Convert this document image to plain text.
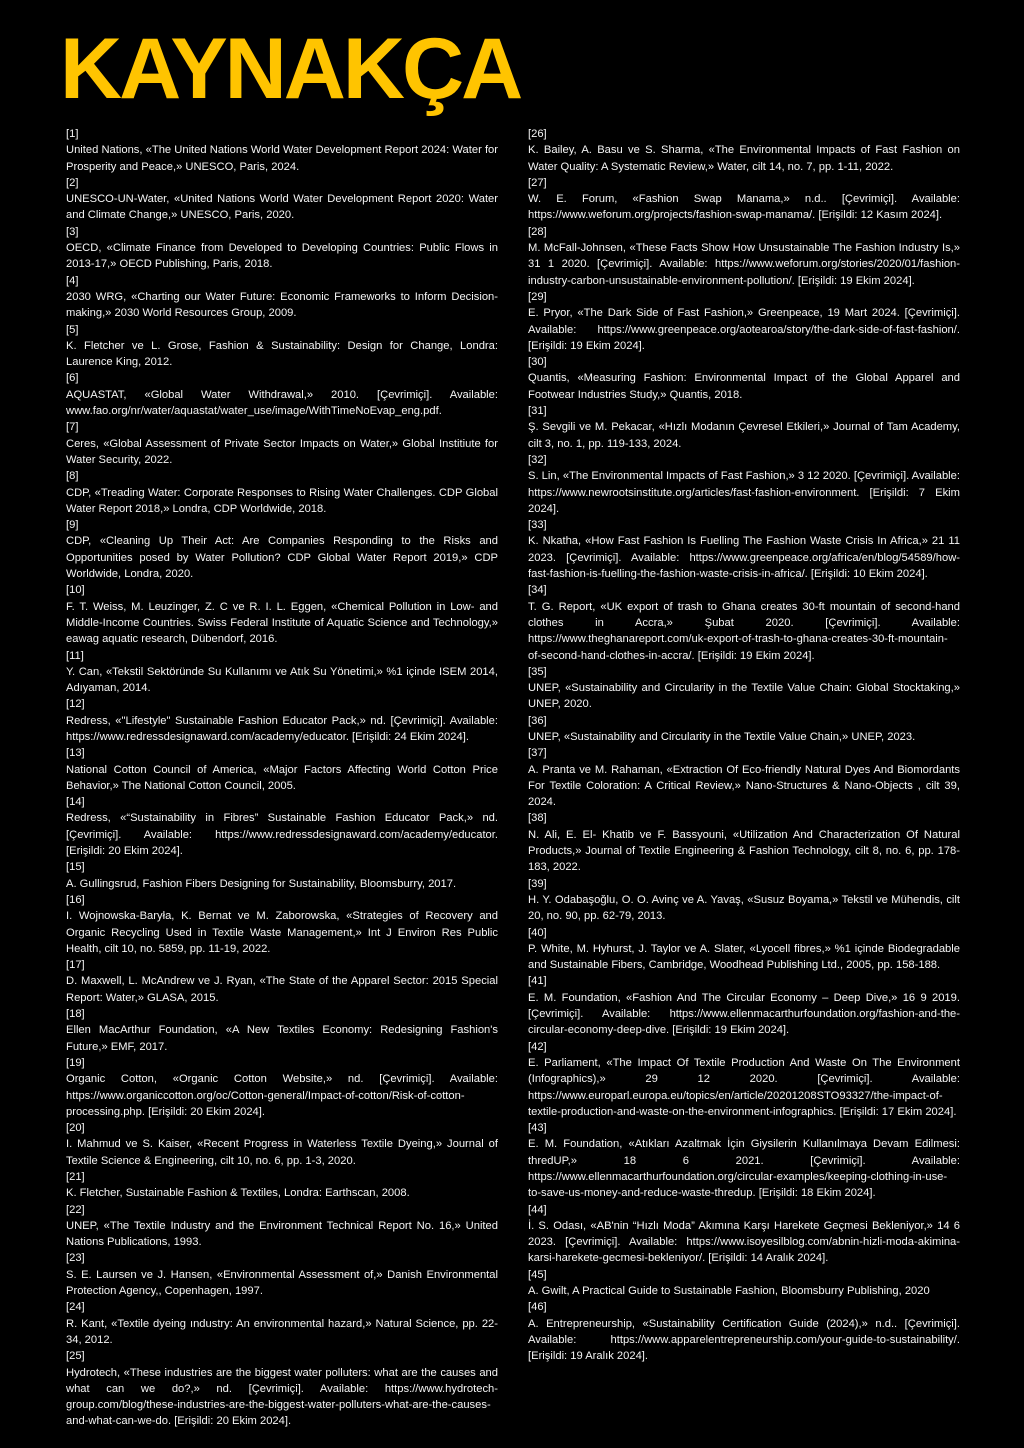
KAYNAKÇA
[1]
United Nations, «The United Nations World Water Development Report 2024: Water for Prosperity and Peace,» UNESCO, Paris, 2024.
[2]
UNESCO-UN-Water, «United Nations World Water Development Report 2020: Water and Climate Change,» UNESCO, Paris, 2020.
[3]
OECD, «Climate Finance from Developed to Developing Countries: Public Flows in 2013-17,» OECD Publishing, Paris, 2018.
[4]
2030 WRG, «Charting our Water Future: Economic Frameworks to Inform Decision-making,» 2030 World Resources Group, 2009.
[5]
K. Fletcher ve L. Grose, Fashion & Sustainability: Design for Change, Londra: Laurence King, 2012.
[6]
AQUASTAT, «Global Water Withdrawal,» 2010. [Çevrimiçi]. Available: www.fao.org/nr/water/aquastat/water_use/image/WithTimeNoEvap_eng.pdf.
[7]
Ceres, «Global Assessment of Private Sector Impacts on Water,» Global Institiute for Water Security, 2022.
[8]
CDP, «Treading Water: Corporate Responses to Rising Water Challenges. CDP Global Water Report 2018,» Londra, CDP Worldwide, 2018.
[9]
CDP, «Cleaning Up Their Act: Are Companies Responding to the Risks and Opportunities posed by Water Pollution? CDP Global Water Report 2019,» CDP Worldwide, Londra, 2020.
[10]
F. T. Weiss, M. Leuzinger, Z. C ve R. I. L. Eggen, «Chemical Pollution in Low- and Middle-Income Countries. Swiss Federal Institute of Aquatic Science and Technology,» eawag aquatic research, Dübendorf, 2016.
[11]
Y. Can, «Tekstil Sektöründe Su Kullanımı ve Atık Su Yönetimi,» %1 içinde ISEM 2014, Adıyaman, 2014.
[12]
Redress, «"Lifestyle" Sustainable Fashion Educator Pack,» nd. [Çevrimiçi]. Available: https://www.redressdesignaward.com/academy/educator. [Erişildi: 24 Ekim 2024].
[13]
National Cotton Council of America, «Major Factors Affecting World Cotton Price Behavior,» The National Cotton Council, 2005.
[14]
Redress, «“Sustainability in Fibres” Sustainable Fashion Educator Pack,» nd. [Çevrimiçi]. Available: https://www.redressdesignaward.com/academy/educator. [Erişildi: 20 Ekim 2024].
[15]
A. Gullingsrud, Fashion Fibers Designing for Sustainability, Bloomsburry, 2017.
[16]
I. Wojnowska-Baryła, K. Bernat ve M. Zaborowska, «Strategies of Recovery and Organic Recycling Used in Textile Waste Management,» Int J Environ Res Public Health, cilt 10, no. 5859, pp. 11-19, 2022.
[17]
D. Maxwell, L. McAndrew ve J. Ryan, «The State of the Apparel Sector: 2015 Special Report: Water,» GLASA, 2015.
[18]
Ellen MacArthur Foundation, «A New Textiles Economy: Redesigning Fashion's Future,» EMF, 2017.
[19]
Organic Cotton, «Organic Cotton Website,» nd. [Çevrimiçi]. Available: https://www.organiccotton.org/oc/Cotton-general/Impact-of-cotton/Risk-of-cotton-processing.php. [Erişildi: 20 Ekim 2024].
[20]
I. Mahmud ve S. Kaiser, «Recent Progress in Waterless Textile Dyeing,» Journal of Textile Science & Engineering, cilt 10, no. 6, pp. 1-3, 2020.
[21]
K. Fletcher, Sustainable Fashion & Textiles, Londra: Earthscan, 2008.
[22]
UNEP, «The Textile Industry and the Environment Technical Report No. 16,» United Nations Publications, 1993.
[23]
S. E. Laursen ve J. Hansen, «Environmental Assessment of,» Danish Environmental Protection Agency,, Copenhagen, 1997.
[24]
R. Kant, «Textile dyeing ındustry: An environmental hazard,» Natural Science, pp. 22-34, 2012.
[25]
Hydrotech, «These industries are the biggest water polluters: what are the causes and what can we do?,» nd. [Çevrimiçi]. Available: https://www.hydrotech-group.com/blog/these-industries-are-the-biggest-water-polluters-what-are-the-causes-and-what-can-we-do. [Erişildi: 20 Ekim 2024].
[26]
K. Bailey, A. Basu ve S. Sharma, «The Environmental Impacts of Fast Fashion on Water Quality: A Systematic Review,» Water, cilt 14, no. 7, pp. 1-11, 2022.
[27]
W. E. Forum, «Fashion Swap Manama,» n.d.. [Çevrimiçi]. Available: https://www.weforum.org/projects/fashion-swap-manama/. [Erişildi: 12 Kasım 2024].
[28]
M. McFall-Johnsen, «These Facts Show How Unsustainable The Fashion Industry Is,» 31 1 2020. [Çevrimiçi]. Available: https://www.weforum.org/stories/2020/01/fashion-industry-carbon-unsustainable-environment-pollution/. [Erişildi: 19 Ekim 2024].
[29]
E. Pryor, «The Dark Side of Fast Fashion,» Greenpeace, 19 Mart 2024. [Çevrimiçi]. Available: https://www.greenpeace.org/aotearoa/story/the-dark-side-of-fast-fashion/. [Erişildi: 19 Ekim 2024].
[30]
Quantis, «Measuring Fashion: Environmental Impact of the Global Apparel and Footwear Industries Study,» Quantis, 2018.
[31]
Ş. Sevgili ve M. Pekacar, «Hızlı Modanın Çevresel Etkileri,» Journal of Tam Academy, cilt 3, no. 1, pp. 119-133, 2024.
[32]
S. Lin, «The Environmental Impacts of Fast Fashion,» 3 12 2020. [Çevrimiçi]. Available: https://www.newrootsinstitute.org/articles/fast-fashion-environment. [Erişildi: 7 Ekim 2024].
[33]
K. Nkatha, «How Fast Fashion Is Fuelling The Fashion Waste Crisis In Africa,» 21 11 2023. [Çevrimiçi]. Available: https://www.greenpeace.org/africa/en/blog/54589/how-fast-fashion-is-fuelling-the-fashion-waste-crisis-in-africa/. [Erişildi: 10 Ekim 2024].
[34]
T. G. Report, «UK export of trash to Ghana creates 30-ft mountain of second-hand clothes in Accra,» Şubat 2020. [Çevrimiçi]. Available: https://www.theghanareport.com/uk-export-of-trash-to-ghana-creates-30-ft-mountain-of-second-hand-clothes-in-accra/. [Erişildi: 19 Ekim 2024].
[35]
UNEP, «Sustainability and Circularity in the Textile Value Chain: Global Stocktaking,» UNEP, 2020.
[36]
UNEP, «Sustainability and Circularity in the Textile Value Chain,» UNEP, 2023.
[37]
A. Pranta ve M. Rahaman, «Extraction Of Eco-friendly Natural Dyes And Biomordants For Textile Coloration: A Critical Review,» Nano-Structures & Nano-Objects , cilt 39, 2024.
[38]
N. Ali, E. El- Khatib ve F. Bassyouni, «Utilization And Characterization Of Natural Products,» Journal of Textile Engineering & Fashion Technology, cilt 8, no. 6, pp. 178-183, 2022.
[39]
H. Y. Odabaşoğlu, O. O. Avinç ve A. Yavaş, «Susuz Boyama,» Tekstil ve Mühendis, cilt 20, no. 90, pp. 62-79, 2013.
[40]
P. White, M. Hyhurst, J. Taylor ve A. Slater, «Lyocell fibres,» %1 içinde Biodegradable and Sustainable Fibers, Cambridge, Woodhead Publishing Ltd., 2005, pp. 158-188.
[41]
E. M. Foundation, «Fashion And The Circular Economy – Deep Dive,» 16 9 2019. [Çevrimiçi]. Available: https://www.ellenmacarthurfoundation.org/fashion-and-the-circular-economy-deep-dive. [Erişildi: 19 Ekim 2024].
[42]
E. Parliament, «The Impact Of Textile Production And Waste On The Environment (Infographics),» 29 12 2020. [Çevrimiçi]. Available: https://www.europarl.europa.eu/topics/en/article/20201208STO93327/the-impact-of-textile-production-and-waste-on-the-environment-infographics. [Erişildi: 17 Ekim 2024].
[43]
E. M. Foundation, «Atıkları Azaltmak İçin Giysilerin Kullanılmaya Devam Edilmesi: thredUP,» 18 6 2021. [Çevrimiçi]. Available: https://www.ellenmacarthurfoundation.org/circular-examples/keeping-clothing-in-use-to-save-us-money-and-reduce-waste-thredup. [Erişildi: 18 Ekim 2024].
[44]
İ. S. Odası, «AB'nin “Hızlı Moda” Akımına Karşı Harekete Geçmesi Bekleniyor,» 14 6 2023. [Çevrimiçi]. Available: https://www.isoyesilblog.com/abnin-hizli-moda-akimina-karsi-harekete-gecmesi-bekleniyor/. [Erişildi: 14 Aralık 2024].
[45]
A. Gwilt, A Practical Guide to Sustainable Fashion, Bloomsburry Publishing, 2020
[46]
A. Entrepreneurship, «Sustainability Certification Guide (2024),» n.d.. [Çevrimiçi]. Available: https://www.apparelentrepreneurship.com/your-guide-to-sustainability/. [Erişildi: 19 Aralık 2024].
